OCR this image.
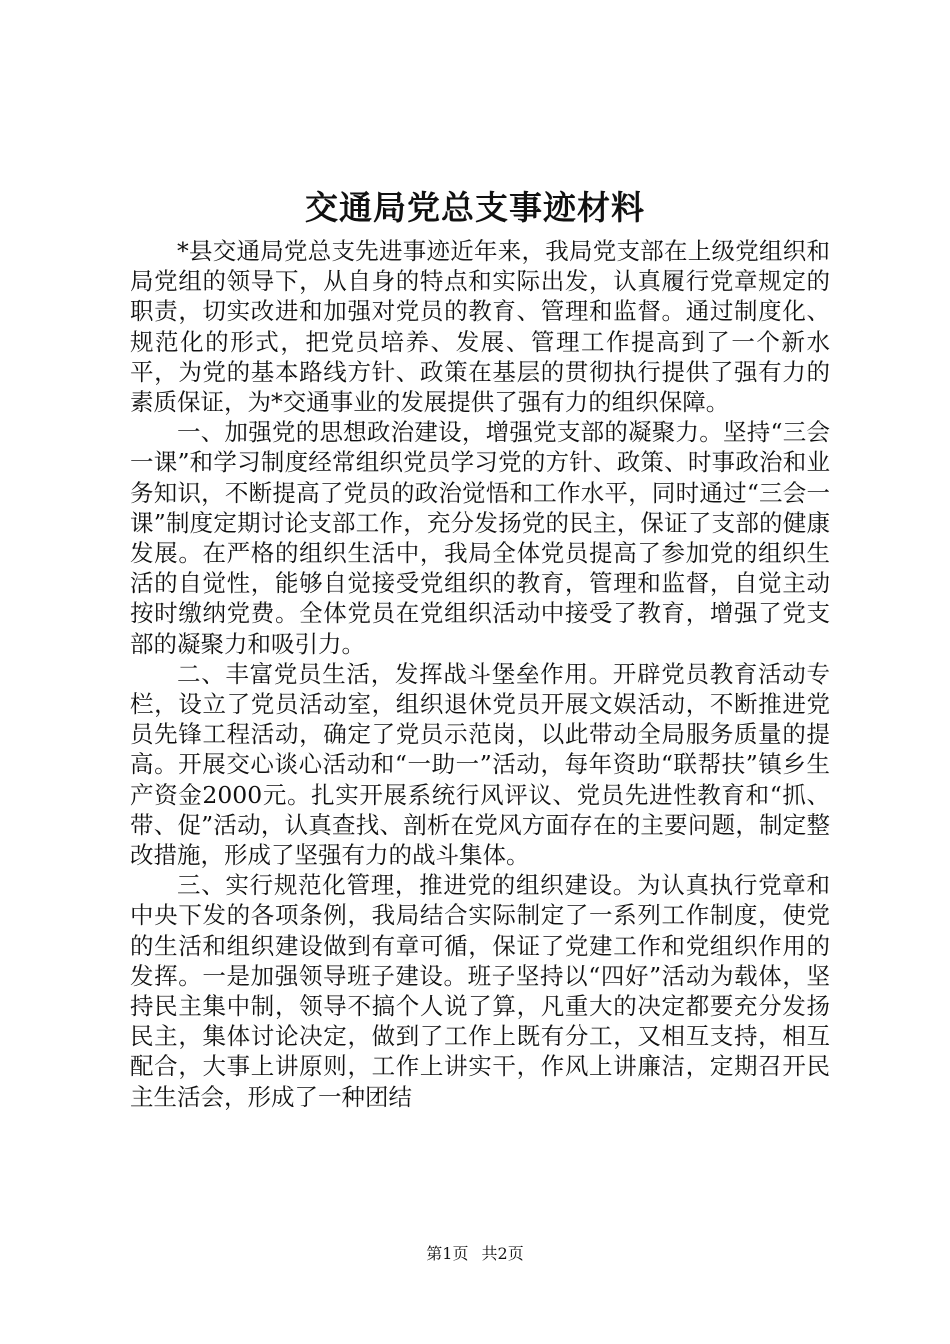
交通局党总支事迹材料

*县交通局党总支先进事迹近年来，我局党支部在上级党组织和局党组的领导下，从自身的特点和实际出发，认真履行党章规定的职责，切实改进和加强对党员的教育、管理和监督。通过制度化、规范化的形式，把党员培养、发展、管理工作提高到了一个新水平，为党的基本路线方针、政策在基层的贯彻执行提供了强有力的素质保证，为*交通事业的发展提供了强有力的组织保障。

一、加强党的思想政治建设，增强党支部的凝聚力。坚持“三会一课”和学习制度经常组织党员学习党的方针、政策、时事政治和业务知识，不断提高了党员的政治觉悟和工作水平，同时通过“三会一课”制度定期讨论支部工作，充分发扬党的民主，保证了支部的健康发展。在严格的组织生活中，我局全体党员提高了参加党的组织生活的自觉性，能够自觉接受党组织的教育，管理和监督，自觉主动按时缴纳党费。全体党员在党组织活动中接受了教育，增强了党支部的凝聚力和吸引力。

二、丰富党员生活，发挥战斗堡垒作用。开辟党员教育活动专栏，设立了党员活动室，组织退休党员开展文娱活动，不断推进党员先锋工程活动，确定了党员示范岗，以此带动全局服务质量的提高。开展交心谈心活动和“一助一”活动，每年资助“联帮扶”镇乡生产资金2000元。扎实开展系统行风评议、党员先进性教育和“抓、带、促”活动，认真查找、剖析在党风方面存在的主要问题，制定整改措施，形成了坚强有力的战斗集体。

三、实行规范化管理，推进党的组织建设。为认真执行党章和中央下发的各项条例，我局结合实际制定了一系列工作制度，使党的生活和组织建设做到有章可循，保证了党建工作和党组织作用的发挥。一是加强领导班子建设。班子坚持以“四好”活动为载体，坚持民主集中制，领导不搞个人说了算，凡重大的决定都要充分发扬民主，集体讨论决定，做到了工作上既有分工，又相互支持，相互配合，大事上讲原则，工作上讲实干，作风上讲廉洁，定期召开民主生活会，形成了一种团结

第1页 共2页
